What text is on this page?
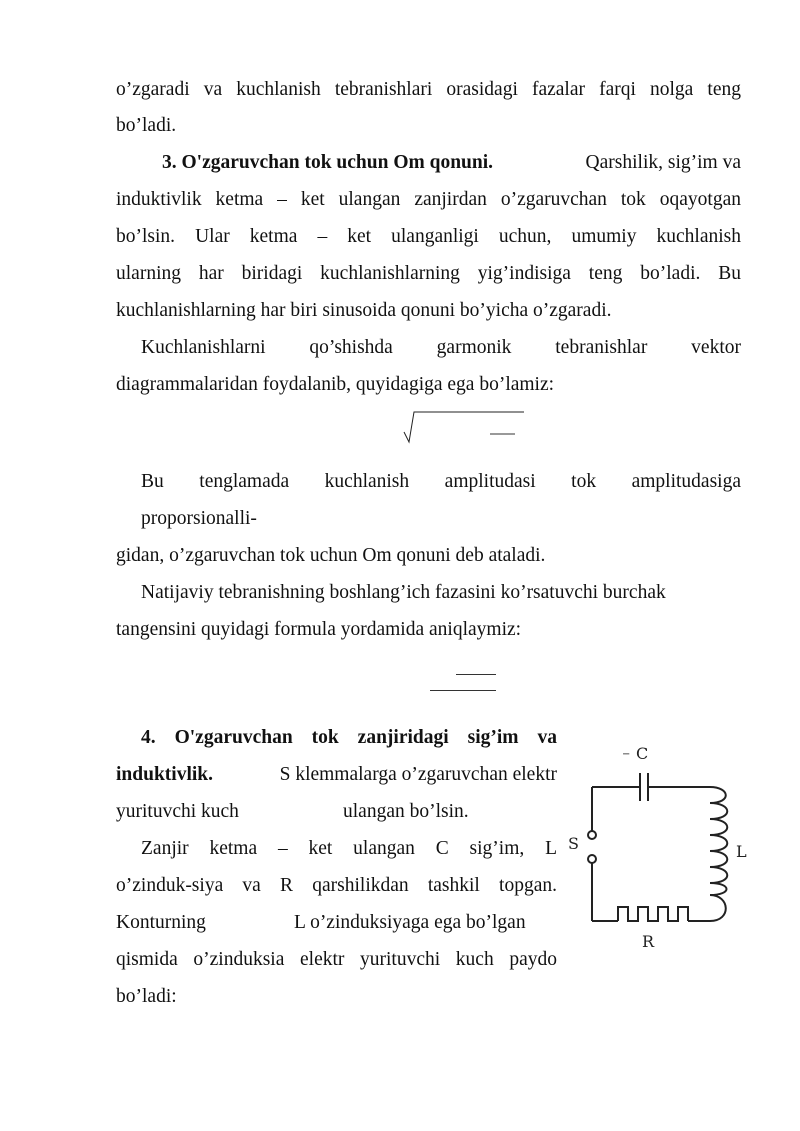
o’zgaradi va kuchlanish tebranishlari orasidagi fazalar farqi nolga teng
bo’ladi.
3. O'zgaruvchan tok uchun Om qonuni.	Qarshilik, sig’im va
induktivlik ketma – ket ulangan zanjirdan o’zgaruvchan tok oqayotgan
bo’lsin. Ular ketma – ket ulanganligi uchun, umumiy kuchlanish
ularning har biridagi kuchlanishlarning yig’indisiga teng bo’ladi. Bu
kuchlanishlarning har biri sinusoida qonuni bo’yicha o’zgaradi.
Kuchlanishlarni qo’shishda garmonik tebranishlar vektor
diagrammalaridan foydalanib, quyidagiga ega bo’lamiz:
Bu tenglamada kuchlanish amplitudasi tok amplitudasiga
proporsionalli-
gidan, o’zgaruvchan tok uchun Om qonuni deb ataladi.
Natijaviy tebranishning boshlang’ich fazasini ko’rsatuvchi burchak
tangensini quyidagi formula yordamida aniqlaymiz:
4. O'zgaruvchan tok zanjiridagi sig’im va
induktivlik.	S klemmalarga o’zgaruvchan elektr
yurituvchi kuch	ulangan bo’lsin.
Zanjir ketma – ket ulangan C sig’im, L
o’zinduk-siya va R qarshilikdan tashkil topgan.
Konturning	L o’zinduksiyaga ega bo’lgan
qismida o’zinduksia elektr yurituvchi kuch paydo
bo’ladi:
− C
S	L
R
